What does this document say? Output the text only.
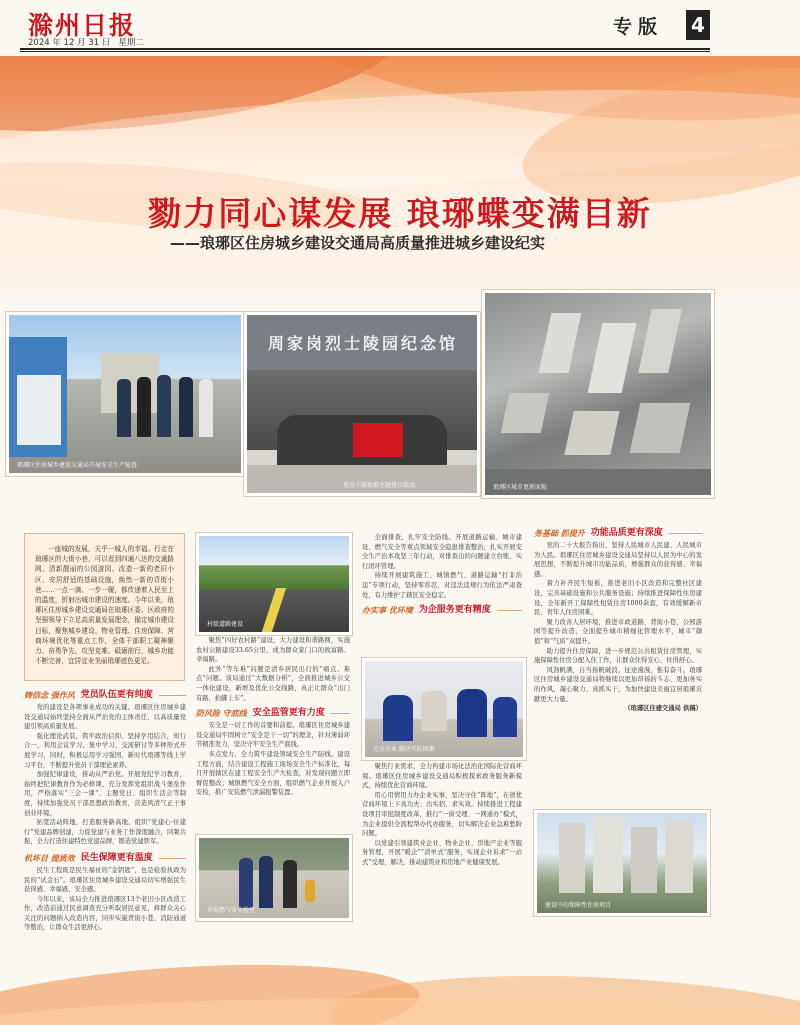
滁州日报
2024 年 12 月 31 日 星期二
专版 4
勠力同心谋发展 琅琊蝶变满目新
——琅琊区住房城乡建设交通局高质量推进城乡建设纪实
琅琊区住房城乡建设交通局开展安全生产检查
周家岗烈士陵园纪念馆
党员干部参加主题党日活动	琅琊区城市更新面貌
一座城的发展，关乎一城人的幸福。行走在琅琊区的大街小巷，可以看到四通八达的交通路网、清新靓丽的公园游园、改造一新的老旧小区、安居舒适的基础设施，焕然一新的背街小巷……一点一滴、一步一履，都传递着人民至上的温度，折射出城市建设的速度。今年以来，琅琊区住房城乡建设交通局在琅琊区委、区政府的坚强领导下立足高质量发展理念，锚定城市建设目标，聚焦城乡建设、物业管理、住房保障、营商环境优化等重点工作，全体干部职工凝神聚力、奋勇争先，攻坚克难、砥砺前行，城乡功能不断完善，宜居宜业美丽琅琊底色更足。
铸信念 强作风 党员队伍更有纯度

党的建设是各项事业成功的关键。琅琊区住房城乡建设交通局始终坚持全面从严治党的主体责任，以高质量党建引领高质量发展。

强化理论武装，筑牢政治信仰。坚持学用结合，知行合一，利用会议学习、集中学习、交流研讨等多种形式开展学习，同时，积极运用学习强国、新时代琅琊等线上学习平台，不断提升党员干部理论素养。

加强纪律建设，推动从严治党。开展党纪学习教育，始终把纪律教育作为必修课，充分发挥党组织战斗堡垒作用，严格落实“三会一课”、主题党日、组织生活会等制度，持续加强党员干部思想政治教育，营造风清气正干事创业环境。

拓宽活动阵地，打造服务新高地，组织“党建心·住建行”党建品牌创建，力促党建与业务工作深度融合，同频共振，全力打造住建特色党建品牌，锻造党建铁军。

机坏目 提质效 民生保障更有温度

民生工程既是民生福祉的“金钥匙”，也是检验执政为民的“试金石”。琅琊区住房城乡建设交通局切实增强民生获得感、幸福感、安全感。

今年以来，该局全力推进琅琊区13个老旧小区改造工作，改造前通过民意调查充分听取居民意见，将群众关心关注的问题纳入改造内容，同步实施背街小巷、消防通道等整治，让群众生活更舒心。

村级道路建设

聚焦“四好农村路”建设，大力建设和谐路网，实施农村公路建设33.65公里，成为群众家门口的致富路、幸福路。

此外“等车难”问题是清乡居民出行的“痛点、难点”问题。该局通过“大数据分析”，全面推进城乡公交一体化建设，新增及优化公交线路，真正让群众“出门有路，抬脚上车”。

防风险 守底线 安全监管更有力度

安全是一切工作的首要和前提。琅琊区住房城乡建设交通局牢固树立“安全是干一切”的理念，针对薄弱环节精准发力，坚决守牢安全生产底线。

多点发力，全力筑牢建设领域安全生产防线。建设工程方面，结合建设工程施工现场安全生产标准化，每月开展辖区在建工程安全生产大检查，对发现问题立即督促整改；城镇燃气安全方面，组织燃气企业开展入户安检，推广安装燃气泄漏报警装置。

开展燃气安全检查

全面排查，扎牢安全防线。开展道路运输、城市建设、燃气安全等重点领域安全隐患排查整治，扎实开展安全生产治本攻坚三年行动，对排查出的问题建立台账，实行闭环管理。

持续开展建筑施工、城镇燃气、道路运输“打非治违”专项行动，坚持零容忍，对违法违规行为依法严肃查处，有力维护了辖区安全稳定。

办实事 优环境 为企服务更有精度
走访企业 解决实际困难

聚焦行业需求，全力构建市场化法治化国际化营商环境。琅琊区住房城乡建设交通局积极探索政务服务新模式，持续优化营商环境。

用心用情用力办企业实事，坚决守住“阵地”，在创优营商环境上下真功夫、出实招、求实效。持续推进工程建设项目审批制度改革，推行“一窗受理、一网通办”模式，为企业提供全流程帮办代办服务，切实解决企业急难愁盼问题。

以党建引领建筑业企业、物业企业、房地产企业等服务管理，开展“暖企”“清单式”服务，实现企业诉求“一站式”受理、解决，推动建筑业和房地产业健康发展。

务基础 抓提升 功能品质更有深度

党的二十大报告指出，坚持人民城市人民建、人民城市为人民。琅琊区住房城乡建设交通局坚持以人民为中心的发展思想，不断提升城市功能品质，增强群众的获得感、幸福感。

着力补齐民生短板，推进老旧小区改造和完整社区建设，完善基础设施和公共服务设施；持续推进保障性住房建设，全年新开工保障性租赁住房1000余套，有效缓解新市民、青年人住房困难。

聚力改善人居环境，推进市政道路、背街小巷、公园游园等提升改造，全面提升城市精细化管理水平，城市“颜值”和“气质”双提升。

助力提升住房保障，进一步规范公共租赁住房管理，实施保障性住房分配入住工作，让群众住得安心、住得舒心。

风劲帆满，自当扬帆破浪。征途漫漫，惟有奋斗。琅琊区住房城乡建设交通局将继续以更加昂扬的斗志、更加务实的作风，凝心聚力、真抓实干，为加快建设美丽宜居琅琊贡献更大力量。

（琅琊区住建交通局 供稿）
建设中的保障性住房项目
